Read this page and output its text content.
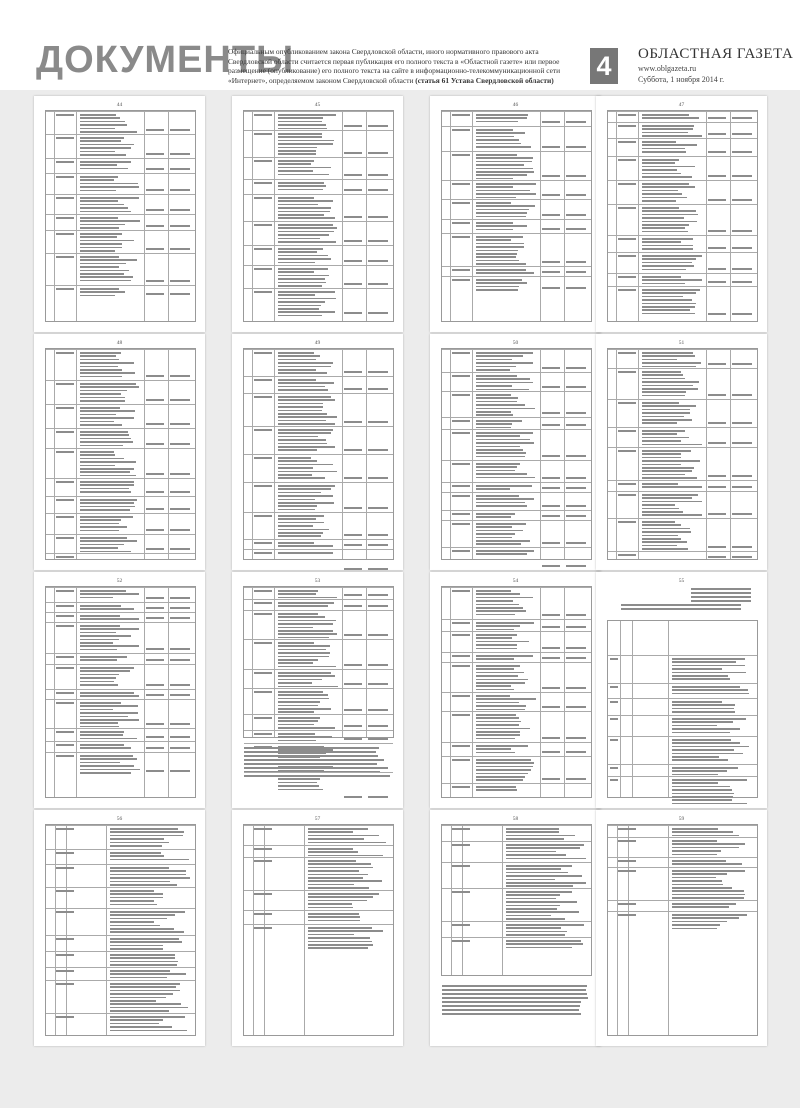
ДОКУМЕНТЫ
Официальным опубликованием закона Свердловской области, иного нормативного правового акта Свердловской области считается первая публикация его полного текста в «Областной газете» или первое размещение (опубликование) его полного текста на сайте в информационно-телекоммуникационной сети «Интернет», определяемом законом Свердловской области (статья 61 Устава Свердловской области)	4	ОБЛАСТНАЯ ГАЗЕТА
www.oblgazeta.ru
Суббота, 1 ноября 2014 г.
44	45	46	47
48	49	50	51
52	53	54	55
56	57	58	59
